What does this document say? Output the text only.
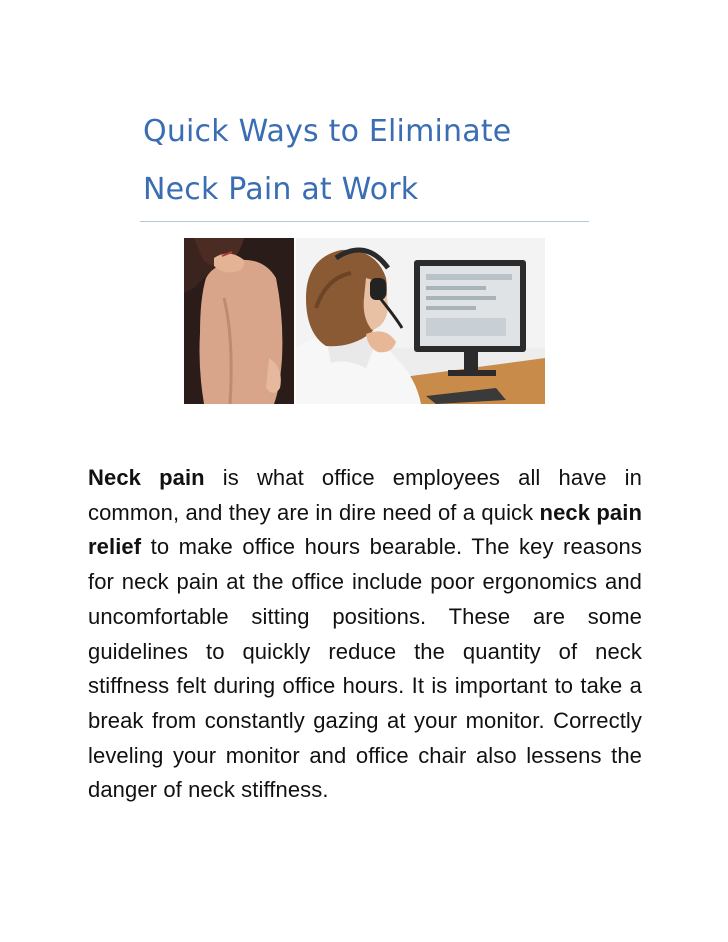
Quick Ways to Eliminate
Neck Pain at Work
Neck pain is what office employees all have in common, and they are in dire need of a quick neck pain relief to make office hours bearable. The key reasons for neck pain at the office include poor ergonomics and uncomfortable sitting positions. These are some guidelines to quickly reduce the quantity of neck stiffness felt during office hours. It is important to take a break from constantly gazing at your monitor. Correctly leveling your monitor and office chair also lessens the danger of neck stiffness.
